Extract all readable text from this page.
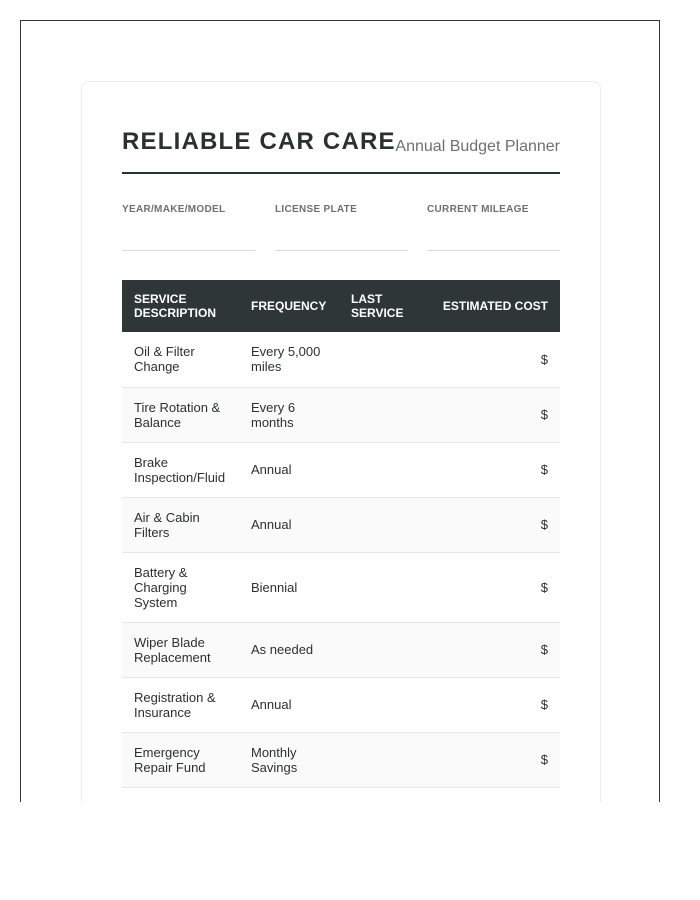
RELIABLE CAR CARE Annual Budget Planner
YEAR/MAKE/MODEL	LICENSE PLATE	CURRENT MILEAGE
SERVICE DESCRIPTION	FREQUENCY	LAST SERVICE	ESTIMATED COST
Oil & Filter Change	Every 5,000 miles		$
Tire Rotation & Balance	Every 6 months		$
Brake Inspection/Fluid	Annual		$
Air & Cabin Filters	Annual		$
Battery & Charging System	Biennial		$
Wiper Blade Replacement	As needed		$
Registration & Insurance	Annual		$
Emergency Repair Fund	Monthly Savings		$
